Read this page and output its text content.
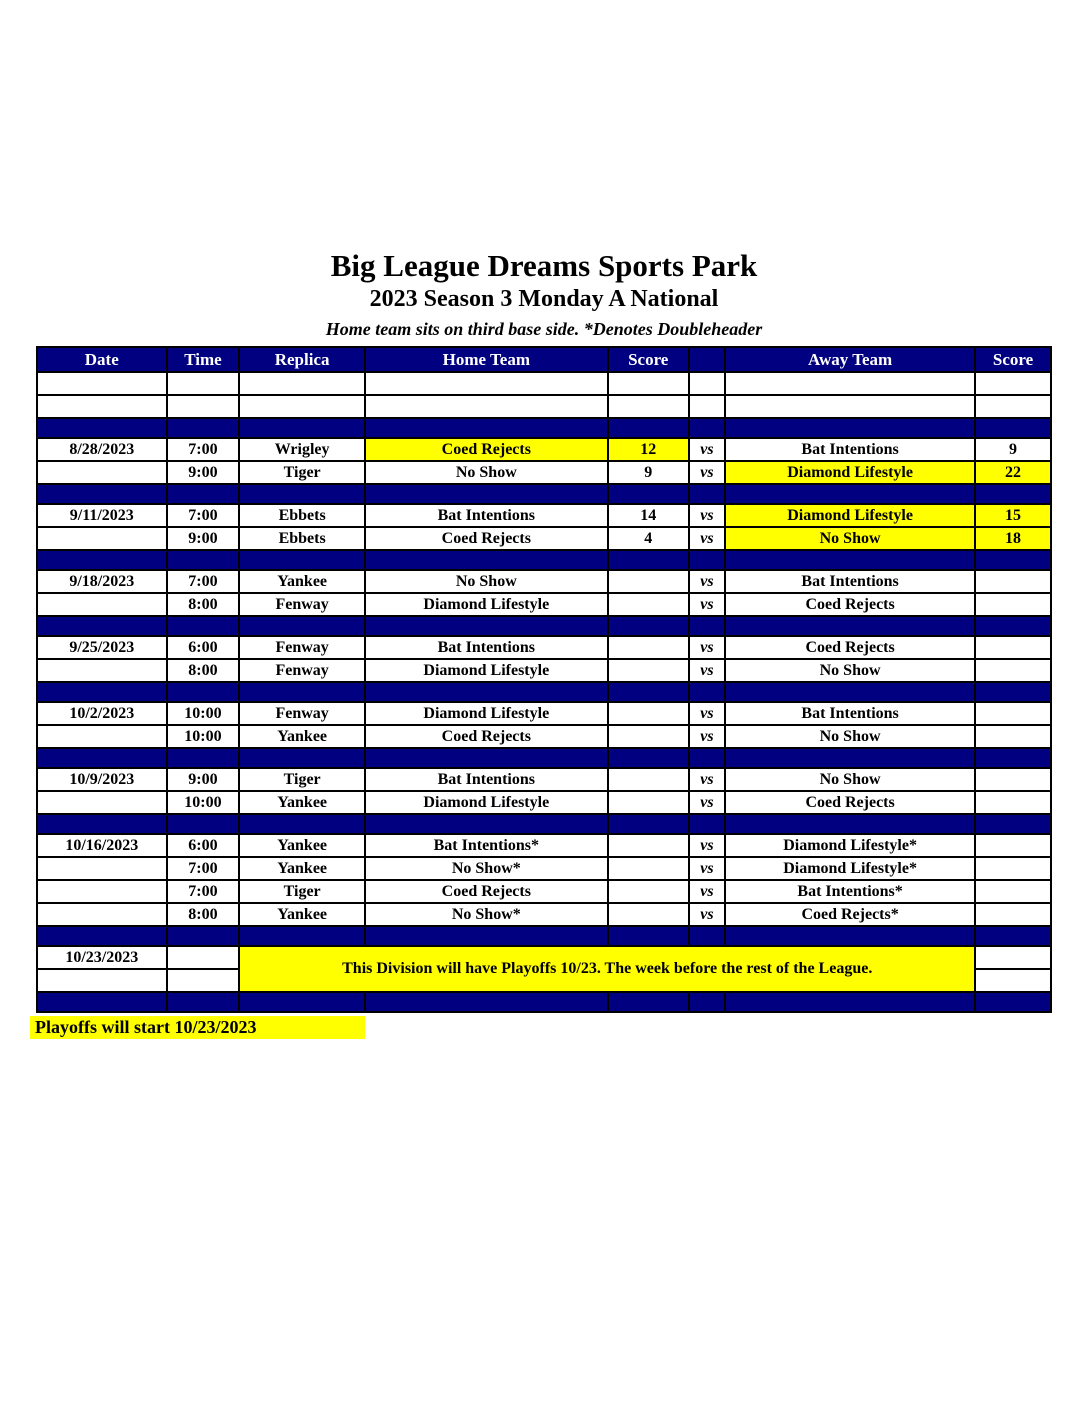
Big League Dreams Sports Park
2023 Season 3 Monday A National
Home team sits on third base side. *Denotes Doubleheader
Date	Time	Replica	Home Team	Score		Away Team	Score

8/28/2023	7:00	Wrigley	Coed Rejects	12	vs	Bat Intentions	9
	9:00	Tiger	No Show	9	vs	Diamond Lifestyle	22

9/11/2023	7:00	Ebbets	Bat Intentions	14	vs	Diamond Lifestyle	15
	9:00	Ebbets	Coed Rejects	4	vs	No Show	18

9/18/2023	7:00	Yankee	No Show		vs	Bat Intentions	
	8:00	Fenway	Diamond Lifestyle		vs	Coed Rejects	

9/25/2023	6:00	Fenway	Bat Intentions		vs	Coed Rejects	
	8:00	Fenway	Diamond Lifestyle		vs	No Show	

10/2/2023	10:00	Fenway	Diamond Lifestyle		vs	Bat Intentions	
	10:00	Yankee	Coed Rejects		vs	No Show	

10/9/2023	9:00	Tiger	Bat Intentions		vs	No Show	
	10:00	Yankee	Diamond Lifestyle		vs	Coed Rejects	

10/16/2023	6:00	Yankee	Bat Intentions*		vs	Diamond Lifestyle*	
	7:00	Yankee	No Show*		vs	Diamond Lifestyle*	
	7:00	Tiger	Coed Rejects		vs	Bat Intentions*	
	8:00	Yankee	No Show*		vs	Coed Rejects*	

10/23/2023		This Division will have Playoffs 10/23. The week before the rest of the League.					

Playoffs will start 10/23/2023
